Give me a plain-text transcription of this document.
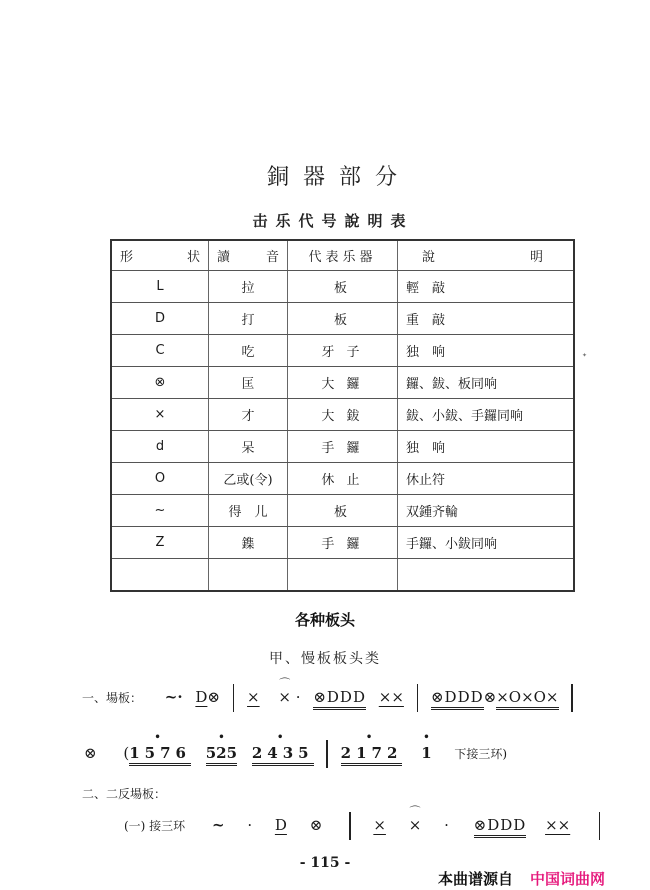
銅器部分
击乐代号說明表
形 状	讀 音	代表乐器	說 明

L	拉	板	輕　敲
D	打	板	重　敲
C	吃	牙 子	独　响
⊗	匡	大 鑼	鑼、鈸、板同响
×	才	大 鈸	鈸、小鈸、手鑼同响
d	呆	手 鑼	独　响
O	乙或(令)	休 止	休止符
~	得　儿	板	双鍾齐輪
Z	鏶	手 鑼	手鑼、小鈸同响

✦
各种板头
甲、慢板板头类
一、場板： ~· D⊗ × ⌒ × · ⊗DDD ×× ⊗DDD⊗×O×O×
⊗ (• 1576 • 525 • 2435 • 2172 • 1 下接三环)
二、二反場板：
(一) 接三环 ~ · D ⊗	× ⌒ × · ⊗DDD ××
- 115 -
本曲谱源自 中国词曲网
